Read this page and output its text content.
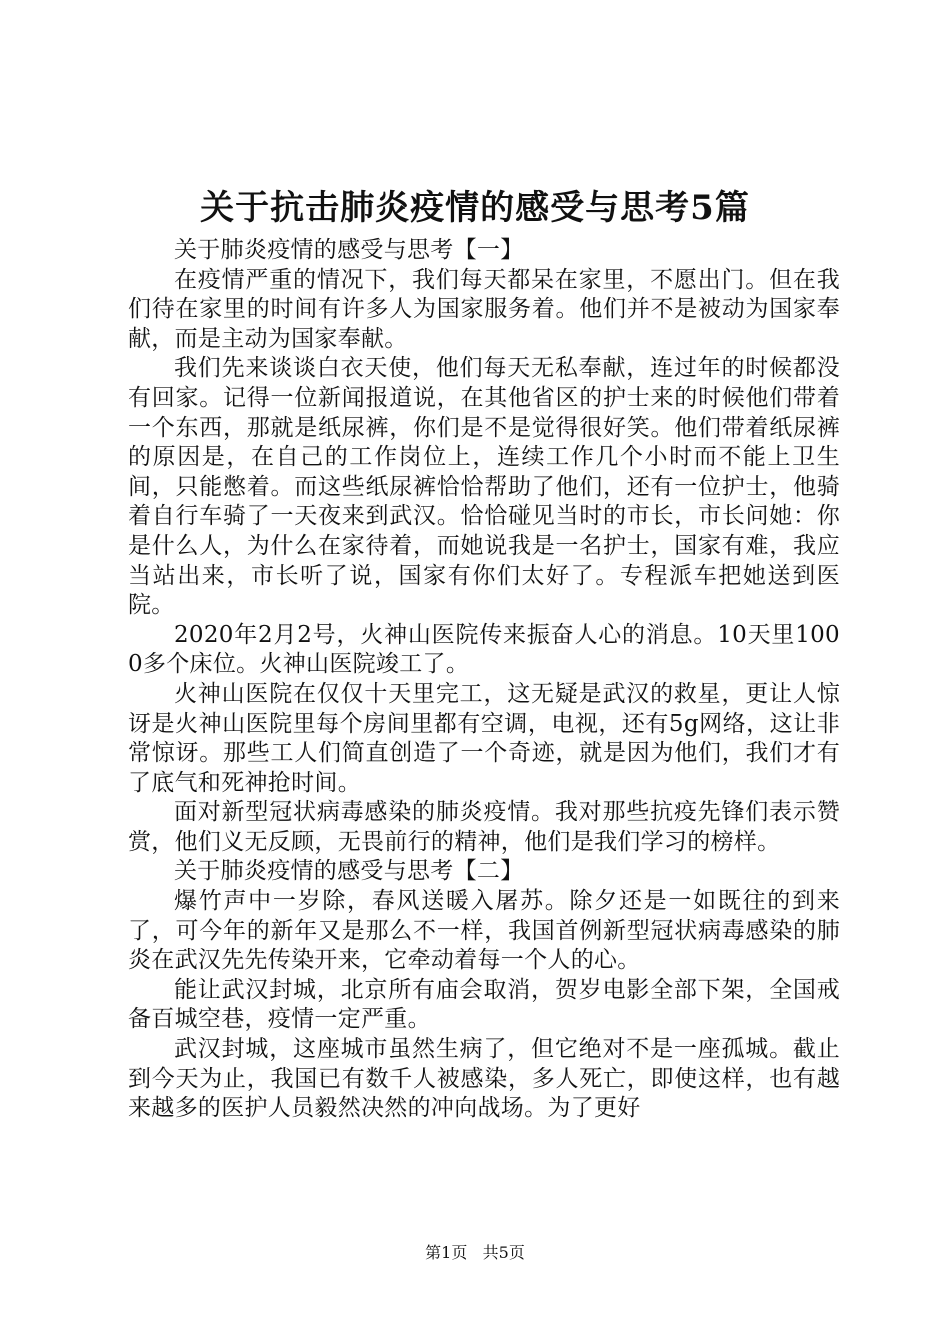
关于抗击肺炎疫情的感受与思考5篇

关于肺炎疫情的感受与思考【一】

在疫情严重的情况下，我们每天都呆在家里，不愿出门。但在我们待在家里的时间有许多人为国家服务着。他们并不是被动为国家奉献，而是主动为国家奉献。

我们先来谈谈白衣天使，他们每天无私奉献，连过年的时候都没有回家。记得一位新闻报道说，在其他省区的护士来的时候他们带着一个东西，那就是纸尿裤，你们是不是觉得很好笑。他们带着纸尿裤的原因是，在自己的工作岗位上，连续工作几个小时而不能上卫生间，只能憋着。而这些纸尿裤恰恰帮助了他们，还有一位护士，他骑着自行车骑了一天夜来到武汉。恰恰碰见当时的市长，市长问她：你是什么人，为什么在家待着，而她说我是一名护士，国家有难，我应当站出来，市长听了说，国家有你们太好了。专程派车把她送到医院。

2020年2月2号，火神山医院传来振奋人心的消息。10天里1000多个床位。火神山医院竣工了。

火神山医院在仅仅十天里完工，这无疑是武汉的救星，更让人惊讶是火神山医院里每个房间里都有空调，电视，还有5g网络，这让非常惊讶。那些工人们简直创造了一个奇迹，就是因为他们，我们才有了底气和死神抢时间。

面对新型冠状病毒感染的肺炎疫情。我对那些抗疫先锋们表示赞赏，他们义无反顾，无畏前行的精神，他们是我们学习的榜样。

关于肺炎疫情的感受与思考【二】

爆竹声中一岁除，春风送暖入屠苏。除夕还是一如既往的到来了，可今年的新年又是那么不一样，我国首例新型冠状病毒感染的肺炎在武汉先先传染开来，它牵动着每一个人的心。

能让武汉封城，北京所有庙会取消，贺岁电影全部下架，全国戒备百城空巷，疫情一定严重。

武汉封城，这座城市虽然生病了，但它绝对不是一座孤城。截止到今天为止，我国已有数千人被感染，多人死亡，即使这样，也有越来越多的医护人员毅然决然的冲向战场。为了更好

第1页 共5页
